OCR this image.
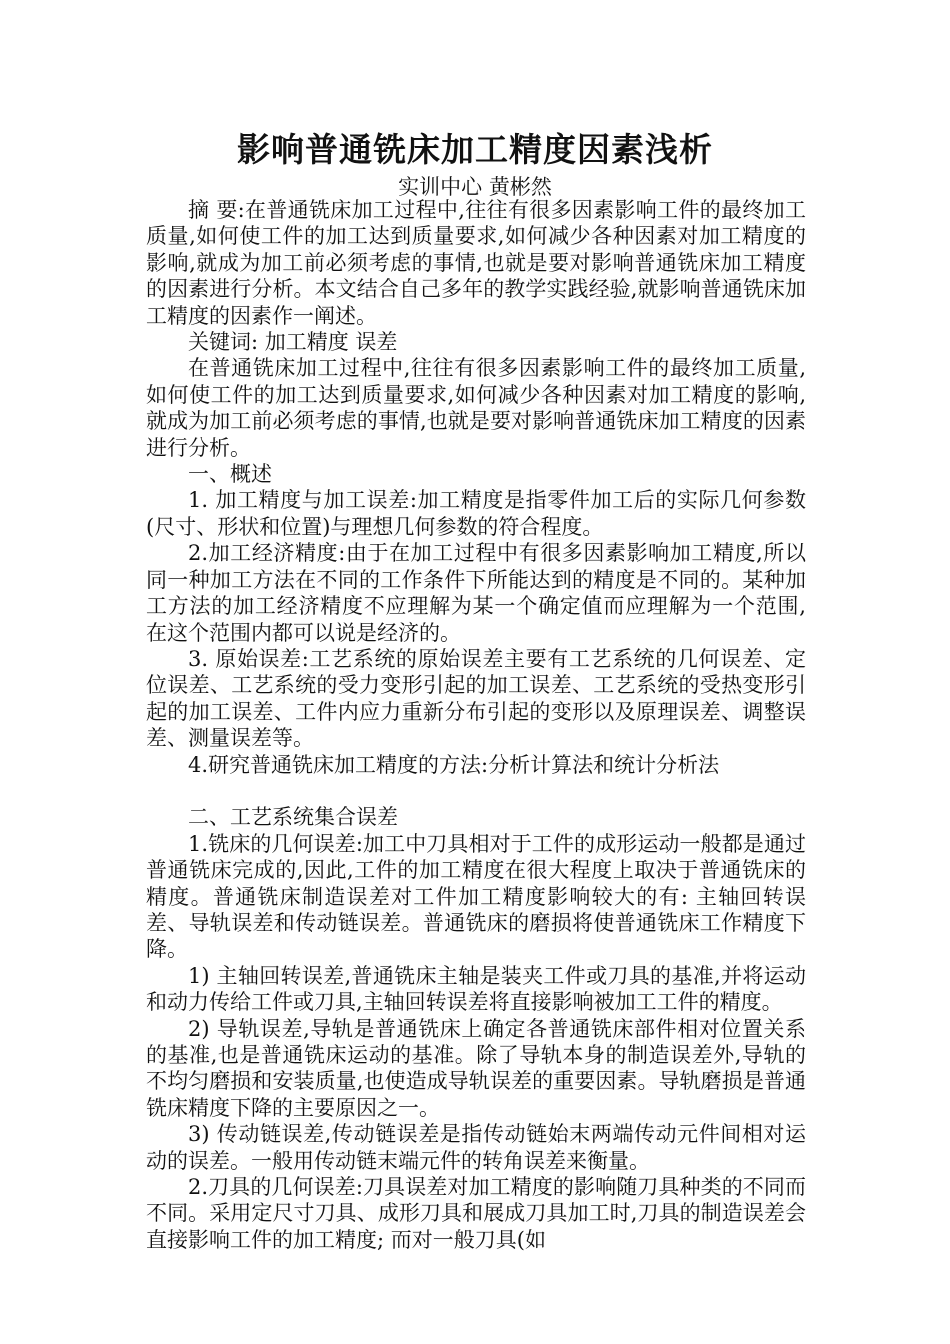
影响普通铣床加工精度因素浅析
实训中心 黄彬然

摘 要:在普通铣床加工过程中,往往有很多因素影响工件的最终加工质量,如何使工件的加工达到质量要求,如何减少各种因素对加工精度的影响,就成为加工前必须考虑的事情,也就是要对影响普通铣床加工精度的因素进行分析。本文结合自己多年的教学实践经验,就影响普通铣床加工精度的因素作一阐述。

关键词: 加工精度 误差

在普通铣床加工过程中,往往有很多因素影响工件的最终加工质量,如何使工件的加工达到质量要求,如何减少各种因素对加工精度的影响,就成为加工前必须考虑的事情,也就是要对影响普通铣床加工精度的因素进行分析。

一、概述

1. 加工精度与加工误差:加工精度是指零件加工后的实际几何参数(尺寸、形状和位置)与理想几何参数的符合程度。

2.加工经济精度:由于在加工过程中有很多因素影响加工精度,所以同一种加工方法在不同的工作条件下所能达到的精度是不同的。某种加工方法的加工经济精度不应理解为某一个确定值而应理解为一个范围, 在这个范围内都可以说是经济的。

3. 原始误差:工艺系统的原始误差主要有工艺系统的几何误差、定位误差、工艺系统的受力变形引起的加工误差、工艺系统的受热变形引起的加工误差、工件内应力重新分布引起的变形以及原理误差、调整误差、测量误差等。

4.研究普通铣床加工精度的方法:分析计算法和统计分析法

二、工艺系统集合误差

1.铣床的几何误差:加工中刀具相对于工件的成形运动一般都是通过普通铣床完成的,因此,工件的加工精度在很大程度上取决于普通铣床的精度。普通铣床制造误差对工件加工精度影响较大的有: 主轴回转误差、导轨误差和传动链误差。普通铣床的磨损将使普通铣床工作精度下降。

1) 主轴回转误差,普通铣床主轴是装夹工件或刀具的基准,并将运动和动力传给工件或刀具,主轴回转误差将直接影响被加工工件的精度。

2) 导轨误差,导轨是普通铣床上确定各普通铣床部件相对位置关系的基准,也是普通铣床运动的基准。除了导轨本身的制造误差外,导轨的不均匀磨损和安装质量,也使造成导轨误差的重要因素。导轨磨损是普通铣床精度下降的主要原因之一。

3) 传动链误差,传动链误差是指传动链始末两端传动元件间相对运动的误差。一般用传动链末端元件的转角误差来衡量。

2.刀具的几何误差:刀具误差对加工精度的影响随刀具种类的不同而不同。采用定尺寸刀具、成形刀具和展成刀具加工时,刀具的制造误差会直接影响工件的加工精度; 而对一般刀具(如
